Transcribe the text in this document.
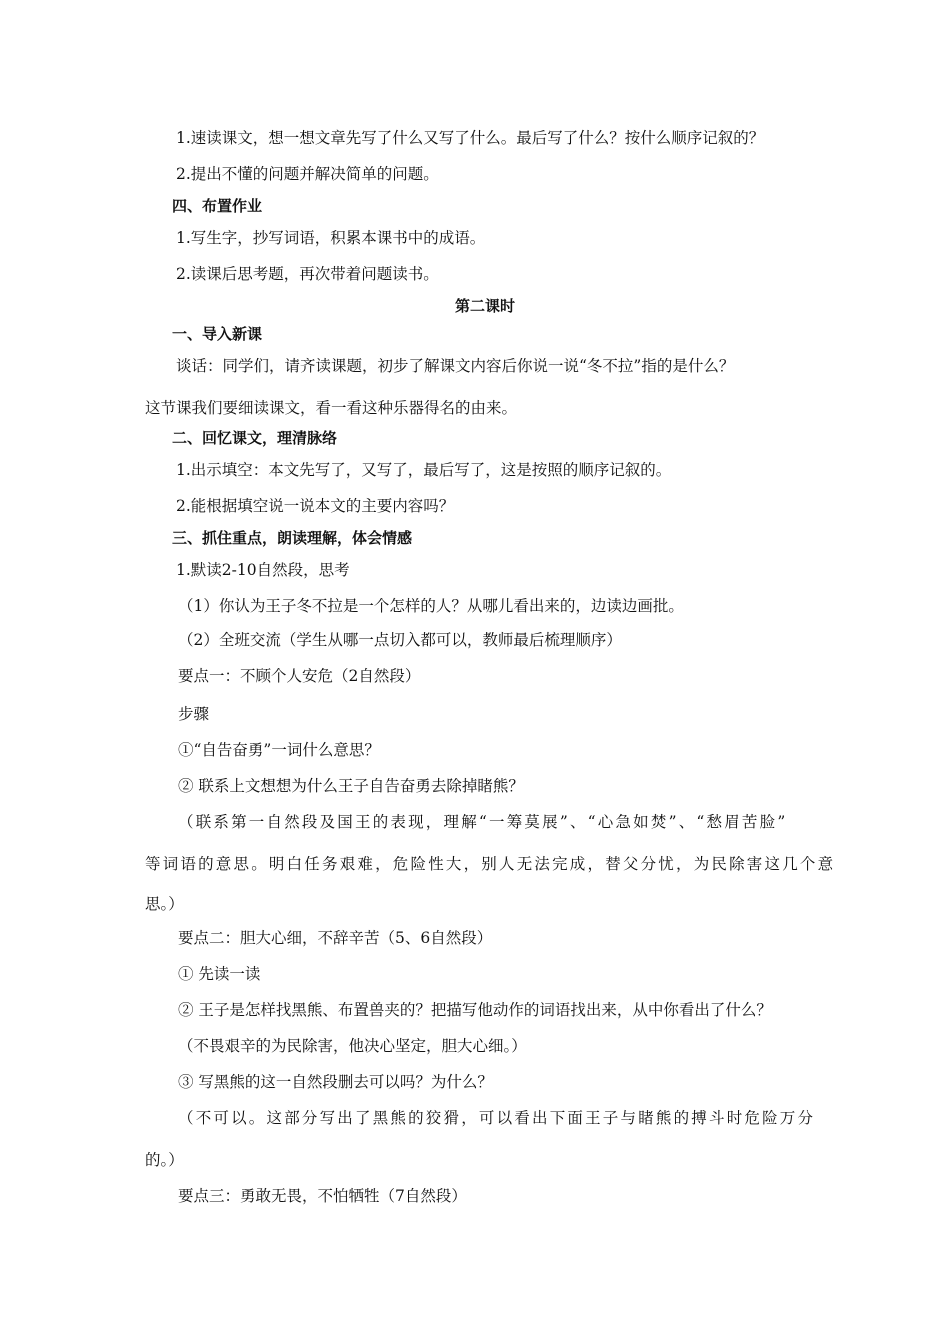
1.速读课文，想一想文章先写了什么又写了什么。最后写了什么？按什么顺序记叙的？
2.提出不懂的问题并解决简单的问题。
四、布置作业
1.写生字，抄写词语，积累本课书中的成语。
2.读课后思考题，再次带着问题读书。
第二课时
一、导入新课
谈话：同学们，请齐读课题，初步了解课文内容后你说一说“冬不拉”指的是什么？
这节课我们要细读课文，看一看这种乐器得名的由来。
二、回忆课文，理清脉络
1.出示填空：本文先写了，又写了，最后写了，这是按照的顺序记叙的。
2.能根据填空说一说本文的主要内容吗？
三、抓住重点，朗读理解，体会情感
1.默读2-10自然段，思考
（1）你认为王子冬不拉是一个怎样的人？从哪儿看出来的，边读边画批。
（2）全班交流（学生从哪一点切入都可以，教师最后梳理顺序）
要点一：不顾个人安危（2自然段）
步骤
①“自告奋勇”一词什么意思？
② 联系上文想想为什么王子自告奋勇去除掉睹熊？
（联系第一自然段及国王的表现，理解“一筹莫展”、“心急如焚”、“愁眉苦脸”
等词语的意思。明白任务艰难，危险性大，别人无法完成，替父分忧，为民除害这几个意
思。）
要点二：胆大心细，不辞辛苦（5、6自然段）
① 先读一读
② 王子是怎样找黑熊、布置兽夹的？把描写他动作的词语找出来，从中你看出了什么？
（不畏艰辛的为民除害，他决心坚定，胆大心细。）
③ 写黑熊的这一自然段删去可以吗？为什么？
（不可以。这部分写出了黑熊的狡猾，可以看出下面王子与睹熊的搏斗时危险万分
的。）
要点三：勇敢无畏，不怕牺牲（7自然段）
